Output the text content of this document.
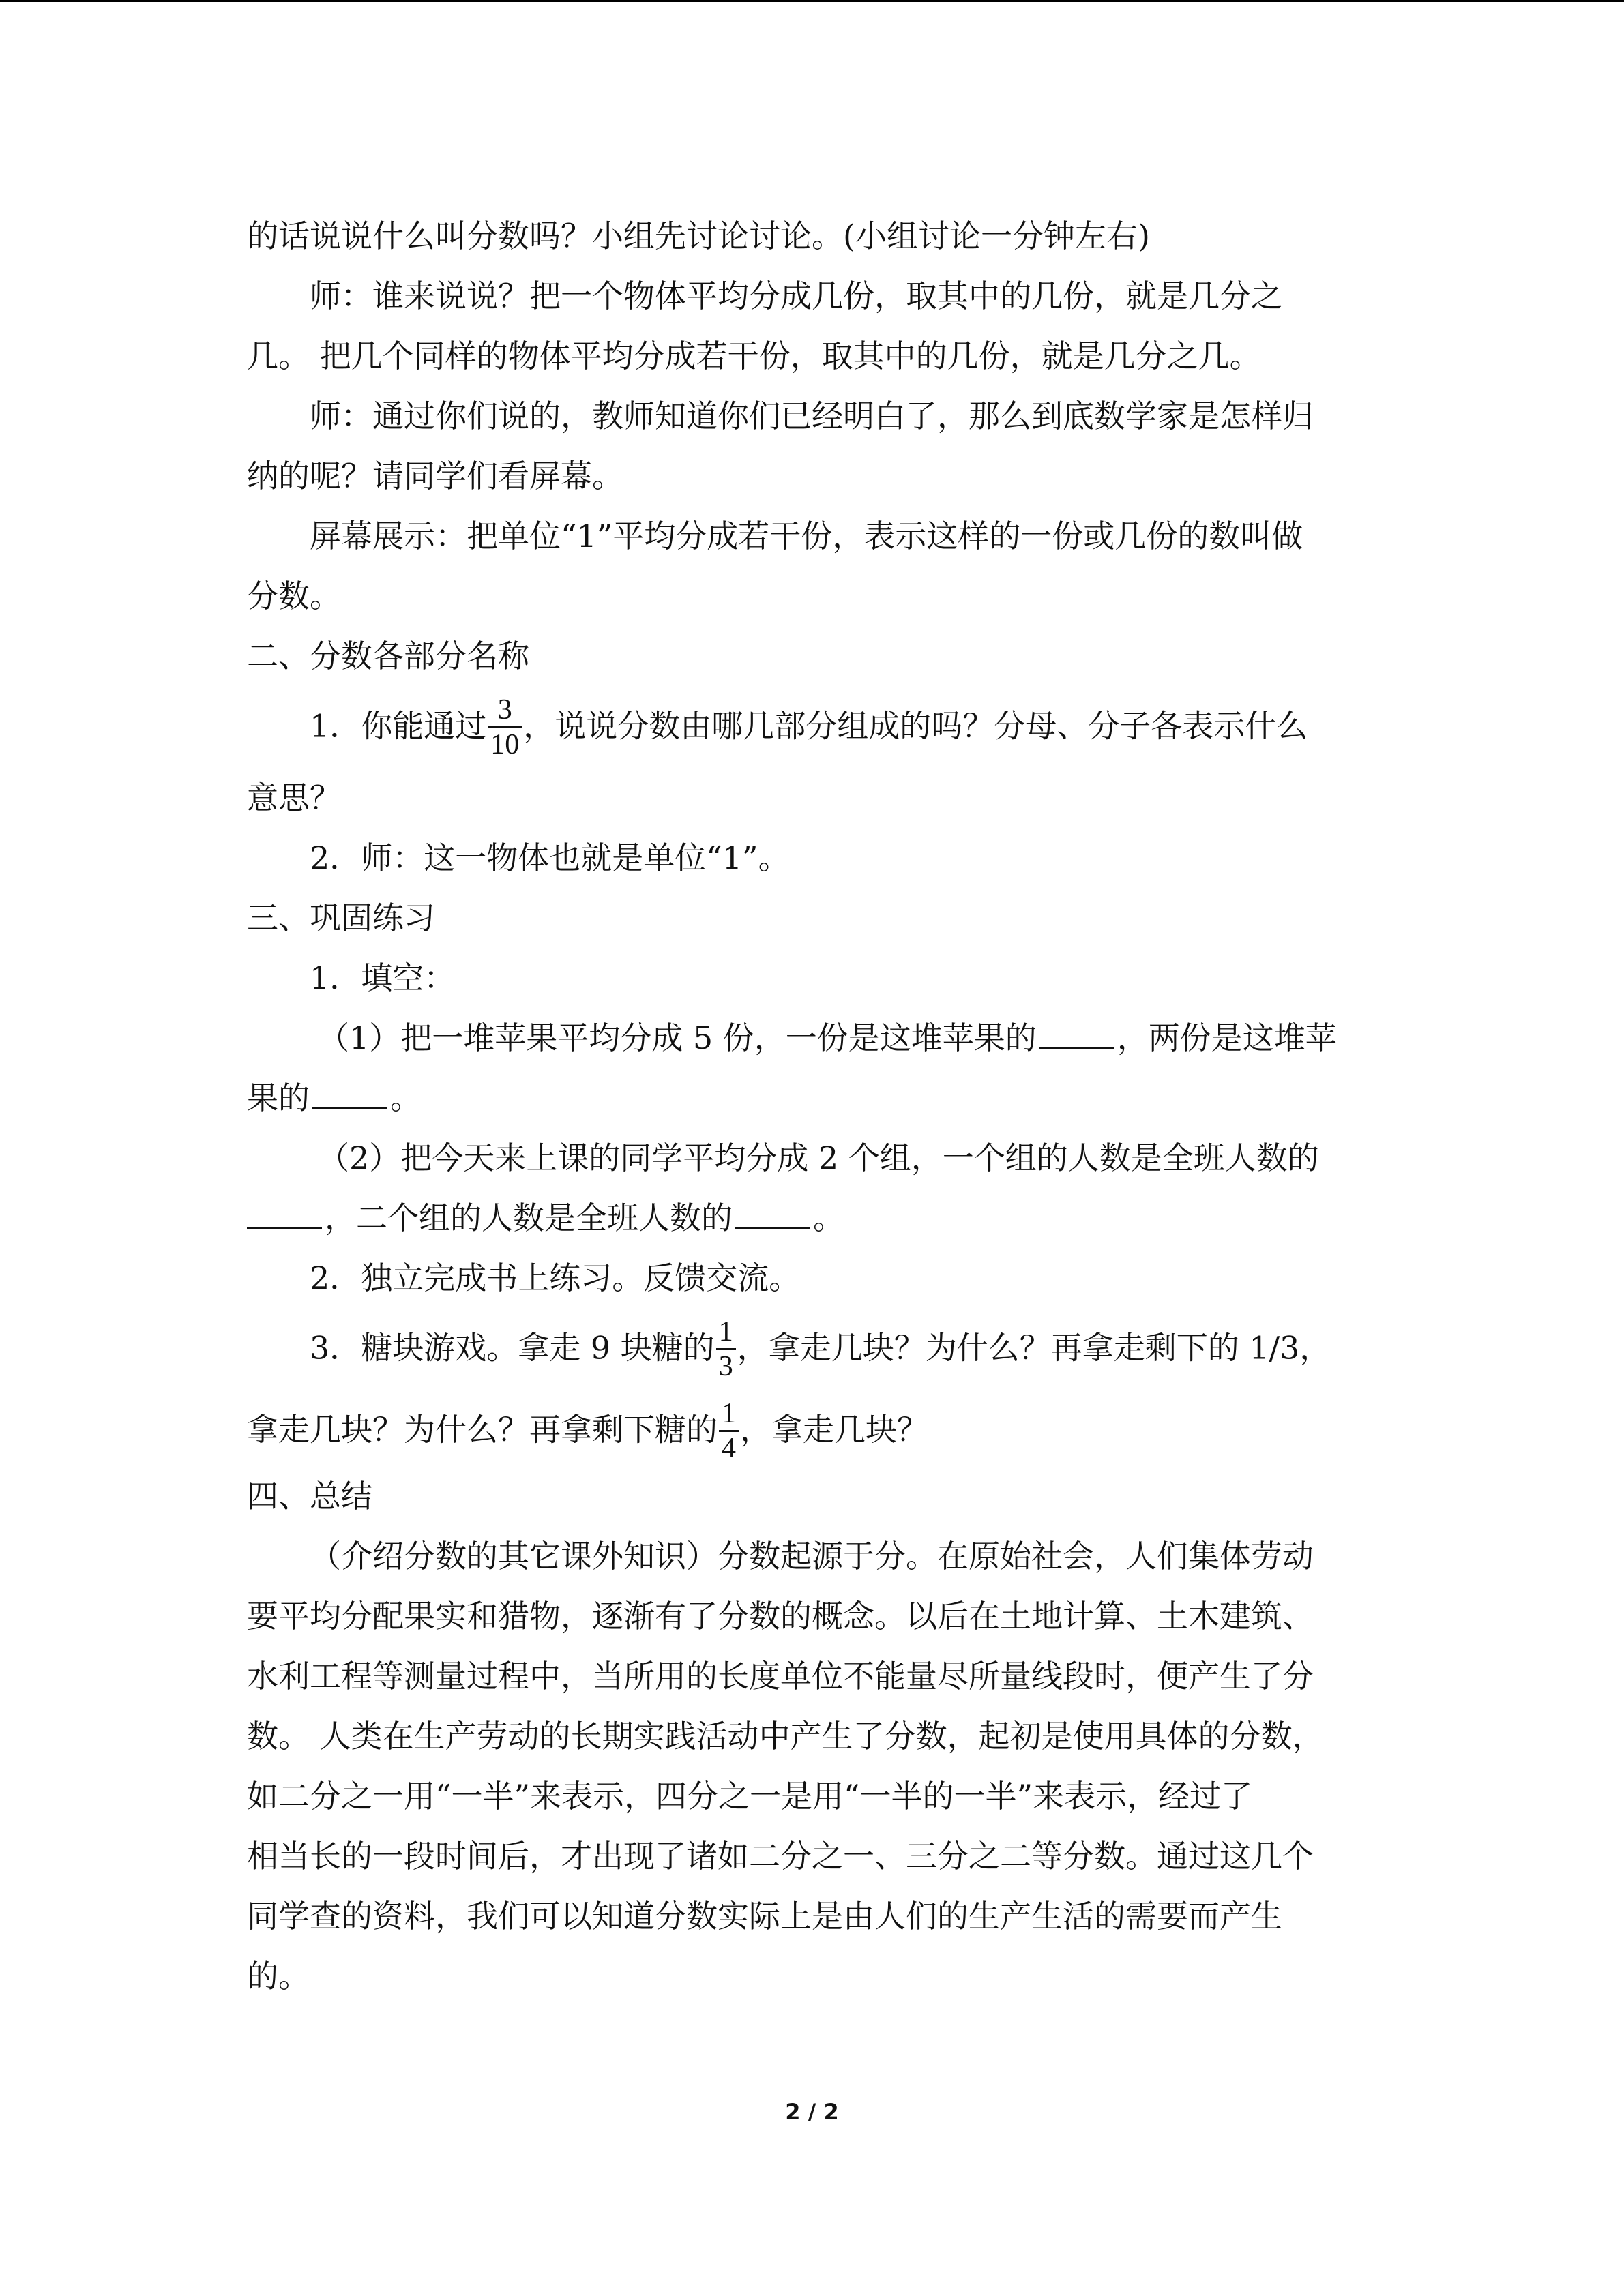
的话说说什么叫分数吗？小组先讨论讨论。(小组讨论一分钟左右)
师：谁来说说？把一个物体平均分成几份，取其中的几份，就是几分之
几。 把几个同样的物体平均分成若干份，取其中的几份，就是几分之几。
师：通过你们说的，教师知道你们已经明白了，那么到底数学家是怎样归
纳的呢？请同学们看屏幕。
屏幕展示：把单位“1”平均分成若干份，表示这样的一份或几份的数叫做
分数。
二、分数各部分名称
1．你能通过 $\frac{3}{10}$ ，说说分数由哪几部分组成的吗？分母、分子各表示什么
意思？
2．师：这一物体也就是单位“1”。
三、巩固练习
1．填空：
（1）把一堆苹果平均分成 5 份，一份是这堆苹果的	，两份是这堆苹
果的	。
（2）把今天来上课的同学平均分成 2 个组，一个组的人数是全班人数的
，二个组的人数是全班人数的	。
2．独立完成书上练习。反馈交流。
3．糖块游戏。拿走 9 块糖的 $\frac{1}{3}$ ，拿走几块？为什么？再拿走剩下的 1/3，
拿走几块？为什么？再拿剩下糖的 $\frac{1}{4}$ ，拿走几块？
四、总结
（介绍分数的其它课外知识）分数起源于分。在原始社会，人们集体劳动
要平均分配果实和猎物，逐渐有了分数的概念。以后在土地计算、土木建筑、
水利工程等测量过程中，当所用的长度单位不能量尽所量线段时，便产生了分
数。 人类在生产劳动的长期实践活动中产生了分数，起初是使用具体的分数，
如二分之一用“一半”来表示，四分之一是用“一半的一半”来表示，经过了
相当长的一段时间后，才出现了诸如二分之一、三分之二等分数。通过这几个
同学查的资料，我们可以知道分数实际上是由人们的生产生活的需要而产生
的。
2 / 2
